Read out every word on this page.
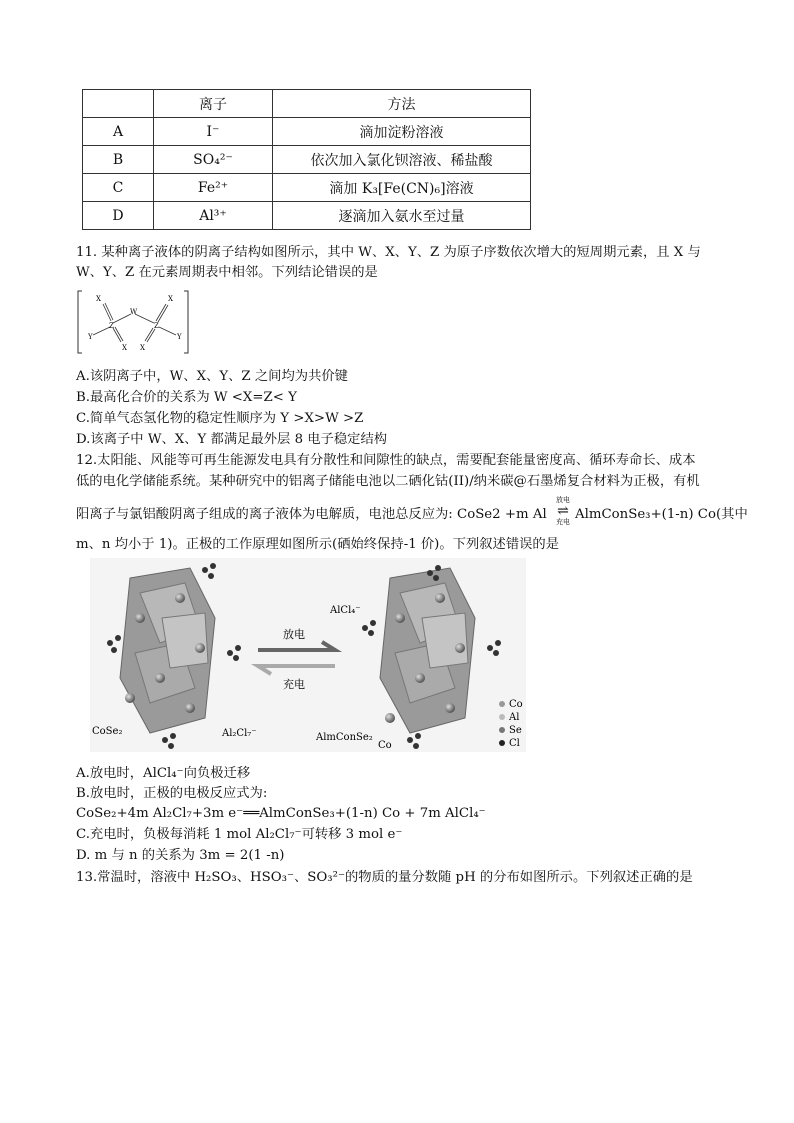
	离子	方法
A	I⁻	滴加淀粉溶液
B	SO₄²⁻	依次加入氯化钡溶液、稀盐酸
C	Fe²⁺	滴加 K₃[Fe(CN)₆]溶液
D	Al³⁺	逐滴加入氨水至过量
11. 某种离子液体的阴离子结构如图所示，其中 W、X、Y、Z 为原子序数依次增大的短周期元素，且 X 与
W、Y、Z 在元素周期表中相邻。下列结论错误的是
X
Z
Y
X
W
Z
X
Y
X
A.该阴离子中，W、X、Y、Z 之间均为共价键
B.最高化合价的关系为 W <X=Z< Y
C.简单气态氢化物的稳定性顺序为 Y >X>W >Z
D.该离子中 W、X、Y 都满足最外层 8 电子稳定结构
12.太阳能、风能等可再生能源发电具有分散性和间隙性的缺点，需要配套能量密度高、循环寿命长、成本
低的电化学储能系统。某种研究中的铝离子储能电池以二硒化钴(II)/纳米碳@石墨烯复合材料为正极，有机
阳离子与氯铝酸阴离子组成的离子液体为电解质，电池总反应为: CoSe2 +m Al
放电
⇌
充电 AlmConSe₃+(1-n) Co(其中
m、n 均小于 1)。正极的工作原理如图所示(硒始终保持-1 价)。下列叙述错误的是
放电
充电
CoSe₂	Al₂Cl₇⁻
AlCl₄⁻
AlmConSe₂
Co
Co
Al
Se
Cl
A.放电时，AlCl₄⁻向负极迁移
B.放电时，正极的电极反应式为:
CoSe₂+4m Al₂Cl₇+3m e⁻══AlmConSe₃+(1-n) Co + 7m AlCl₄⁻
C.充电时，负极每消耗 1 mol Al₂Cl₇⁻可转移 3 mol e⁻
D. m 与 n 的关系为 3m = 2(1 -n)
13.常温时，溶液中 H₂SO₃、HSO₃⁻、SO₃²⁻的物质的量分数随 pH 的分布如图所示。下列叙述正确的是
